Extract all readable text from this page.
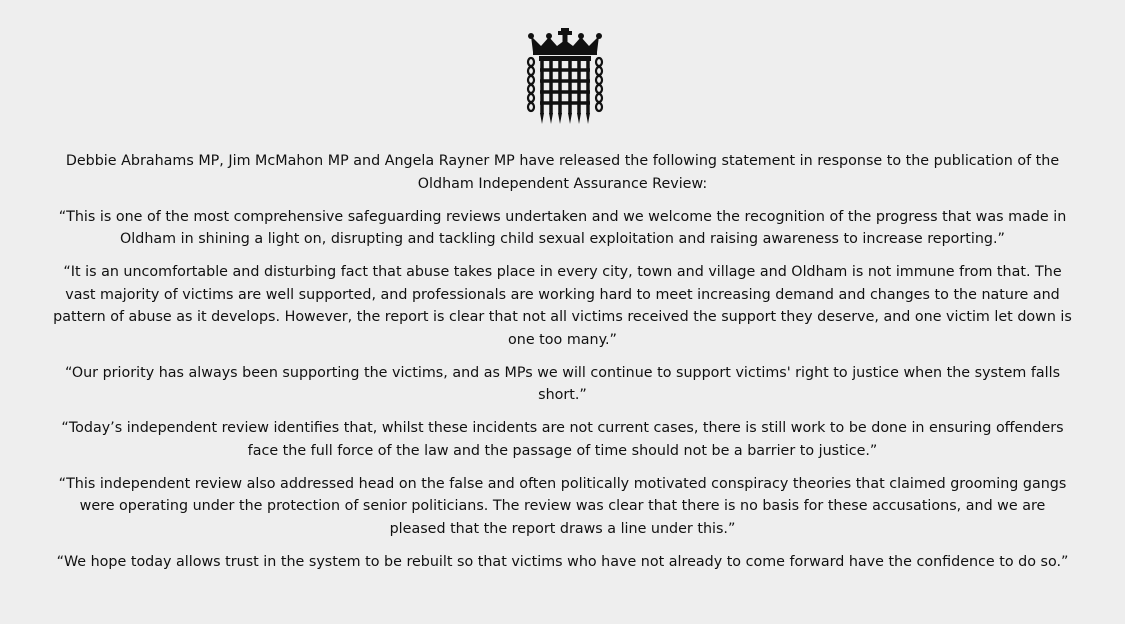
Debbie Abrahams MP, Jim McMahon MP and Angela Rayner MP have released the following statement in response to the publication of the Oldham Independent Assurance Review:

“This is one of the most comprehensive safeguarding reviews undertaken and we welcome the recognition of the progress that was made in Oldham in shining a light on, disrupting and tackling child sexual exploitation and raising awareness to increase reporting.”

“It is an uncomfortable and disturbing fact that abuse takes place in every city, town and village and Oldham is not immune from that. The vast majority of victims are well supported, and professionals are working hard to meet increasing demand and changes to the nature and pattern of abuse as it develops. However, the report is clear that not all victims received the support they deserve, and one victim let down is one too many.”

“Our priority has always been supporting the victims, and as MPs we will continue to support victims' right to justice when the system falls short.”

“Today’s independent review identifies that, whilst these incidents are not current cases, there is still work to be done in ensuring offenders face the full force of the law and the passage of time should not be a barrier to justice.”

“This independent review also addressed head on the false and often politically motivated conspiracy theories that claimed grooming gangs were operating under the protection of senior politicians. The review was clear that there is no basis for these accusations, and we are pleased that the report draws a line under this.”

“We hope today allows trust in the system to be rebuilt so that victims who have not already to come forward have the confidence to do so.”
